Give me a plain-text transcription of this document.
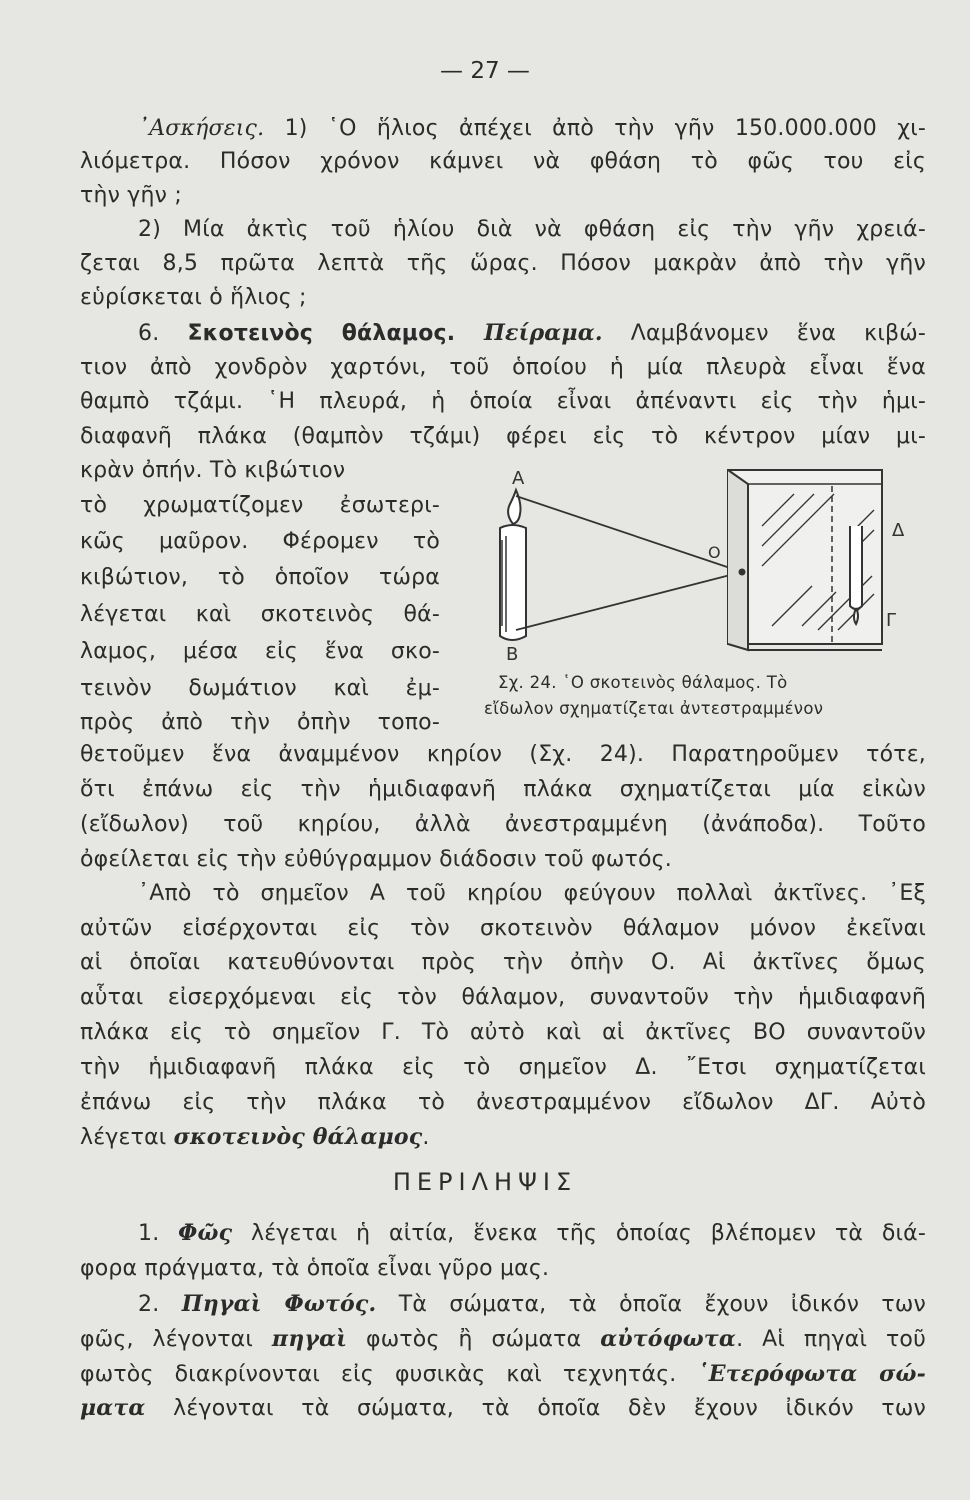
— 27 —
᾿Ασκήσεις. 1) ῾Ο ἥλιος ἀπέχει ἀπὸ τὴν γῆν 150.000.000 χι-
λιόμετρα. Πόσον χρόνον κάμνει νὰ φθάση τὸ φῶς του εἰς
τὴν γῆν ;
2) Μία ἀκτὶς τοῦ ἡλίου διὰ νὰ φθάση εἰς τὴν γῆν χρειά-
ζεται 8,5 πρῶτα λεπτὰ τῆς ὥρας. Πόσον μακρὰν ἀπὸ τὴν γῆν
εὑρίσκεται ὁ ἥλιος ;
6. Σκοτεινὸς θάλαμος. Πείραμα. Λαμβάνομεν ἕνα κιβώ-
τιον ἀπὸ χονδρὸν χαρτόνι, τοῦ ὁποίου ἡ μία πλευρὰ εἶναι ἕνα
θαμπὸ τζάμι. ῾Η πλευρά, ἡ ὁποία εἶναι ἀπέναντι εἰς τὴν ἡμι-
διαφανῆ πλάκα (θαμπὸν τζάμι) φέρει εἰς τὸ κέντρον μίαν μι-
κρὰν ὀπήν. Τὸ κιβώτιον
τὸ χρωματίζομεν ἐσωτερι-
κῶς μαῦρον. Φέρομεν τὸ
κιβώτιον, τὸ ὁποῖον τώρα
λέγεται καὶ σκοτεινὸς θά-
λαμος, μέσα εἰς ἕνα σκο-
τεινὸν δωμάτιον καὶ ἐμ-
πρὸς ἀπὸ τὴν ὀπὴν τοπο-
Α
Β
Ο
Δ
Γ
Σχ. 24. ῾Ο σκοτεινὸς θάλαμος. Τὸ
εἴδωλον σχηματίζεται ἀντεστραμμένον
θετοῦμεν ἕνα ἀναμμένον κηρίον (Σχ. 24). Παρατηροῦμεν τότε,
ὅτι ἐπάνω εἰς τὴν ἡμιδιαφανῆ πλάκα σχηματίζεται μία εἰκὼν
(εἴδωλον) τοῦ κηρίου, ἀλλὰ ἀνεστραμμένη (ἀνάποδα). Τοῦτο
ὀφείλεται εἰς τὴν εὐθύγραμμον διάδοσιν τοῦ φωτός.
᾿Απὸ τὸ σημεῖον Α τοῦ κηρίου φεύγουν πολλαὶ ἀκτῖνες. ᾿Εξ
αὐτῶν εἰσέρχονται εἰς τὸν σκοτεινὸν θάλαμον μόνον ἐκεῖναι
αἱ ὁποῖαι κατευθύνονται πρὸς τὴν ὀπὴν Ο. Αἱ ἀκτῖνες ὅμως
αὗται εἰσερχόμεναι εἰς τὸν θάλαμον, συναντοῦν τὴν ἡμιδιαφανῆ
πλάκα εἰς τὸ σημεῖον Γ. Τὸ αὐτὸ καὶ αἱ ἀκτῖνες ΒΟ συναντοῦν
τὴν ἡμιδιαφανῆ πλάκα εἰς τὸ σημεῖον Δ. ῎Ετσι σχηματίζεται
ἐπάνω εἰς τὴν πλάκα τὸ ἀνεστραμμένον εἴδωλον ΔΓ. Αὐτὸ
λέγεται σκοτεινὸς θάλαμος.
ΠΕΡΙΛΗΨΙΣ
1. Φῶς λέγεται ἡ αἰτία, ἕνεκα τῆς ὁποίας βλέπομεν τὰ διά-
φορα πράγματα, τὰ ὁποῖα εἶναι γῦρο μας.
2. Πηγαὶ Φωτός. Τὰ σώματα, τὰ ὁποῖα ἔχουν ἰδικόν των
φῶς, λέγονται πηγαὶ φωτὸς ἢ σώματα αὐτόφωτα. Αἱ πηγαὶ τοῦ
φωτὸς διακρίνονται εἰς φυσικὰς καὶ τεχνητάς. ῾Ετερόφωτα σώ-
ματα λέγονται τὰ σώματα, τὰ ὁποῖα δὲν ἔχουν ἰδικόν των
